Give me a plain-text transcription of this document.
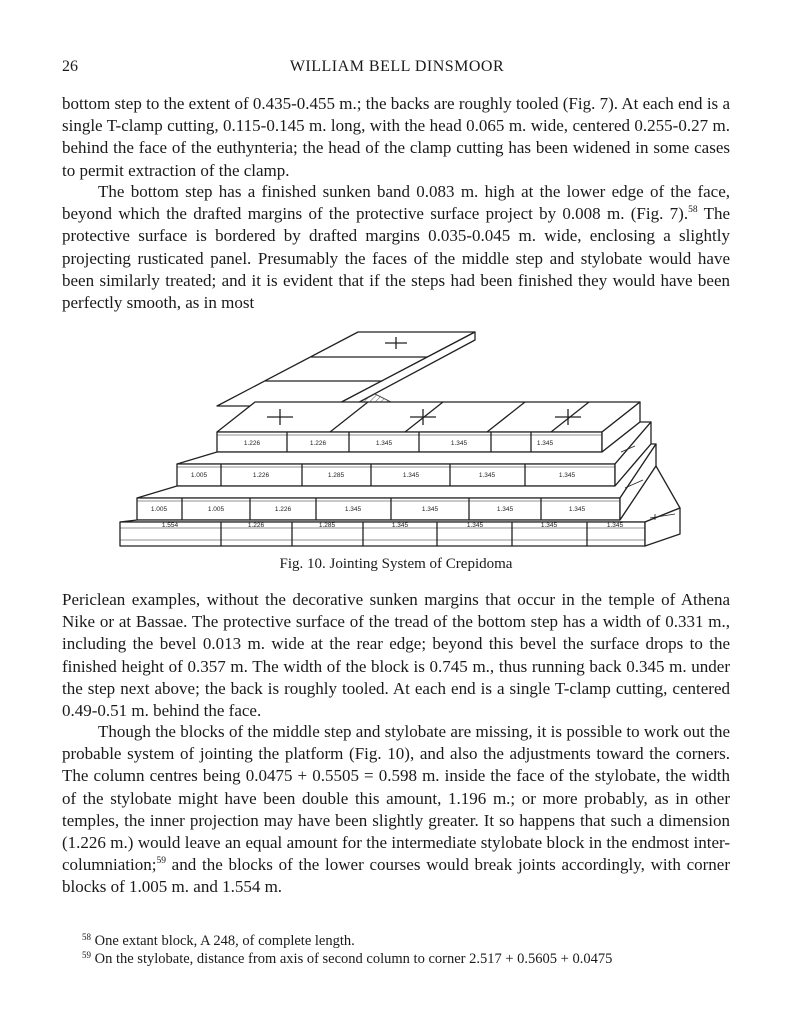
26	WILLIAM BELL DINSMOOR

bottom step to the extent of 0.435-0.455 m.; the backs are roughly tooled (Fig. 7). At each end is a single T-clamp cutting, 0.115-0.145 m. long, with the head 0.065 m. wide, centered 0.255-0.27 m. behind the face of the euthynteria; the head of the clamp cutting has been widened in some cases to permit extraction of the clamp.

The bottom step has a finished sunken band 0.083 m. high at the lower edge of the face, beyond which the drafted margins of the protective surface project by 0.008 m. (Fig. 7).$^{58}$ The protective surface is bordered by drafted margins 0.035-0.045 m. wide, enclosing a slightly projecting rusticated panel. Presumably the faces of the middle step and stylobate would have been similarly treated; and it is evident that if the steps had been finished they would have been perfectly smooth, as in most

1.226	1.226	1.345	1.345	1.345
1.005	1.226	1.285	1.345	1.345	1.345
1.005	1.005	1.226	1.345	1.345	1.345	1.345
1.554	1.226	1.285	1.345	1.345	1.345	1.345
Fig. 10. Jointing System of Crepidoma

Periclean examples, without the decorative sunken margins that occur in the temple of Athena Nike or at Bassae. The protective surface of the tread of the bottom step has a width of 0.331 m., including the bevel 0.013 m. wide at the rear edge; beyond this bevel the surface drops to the finished height of 0.357 m. The width of the block is 0.745 m., thus running back 0.345 m. under the step next above; the back is roughly tooled. At each end is a single T-clamp cutting, centered 0.49-0.51 m. behind the face.

Though the blocks of the middle step and stylobate are missing, it is possible to work out the probable system of jointing the platform (Fig. 10), and also the adjustments toward the corners. The column centres being 0.0475 + 0.5505 = 0.598 m. inside the face of the stylobate, the width of the stylobate might have been double this amount, 1.196 m.; or more probably, as in other temples, the inner projection may have been slightly greater. It so happens that such a dimension (1.226 m.) would leave an equal amount for the intermediate stylobate block in the endmost inter-columniation;$^{59}$ and the blocks of the lower courses would break joints accordingly, with corner blocks of 1.005 m. and 1.554 m.

$^{58}$ One extant block, A 248, of complete length.

$^{59}$ On the stylobate, distance from axis of second column to corner 2.517 + 0.5605 + 0.0475
